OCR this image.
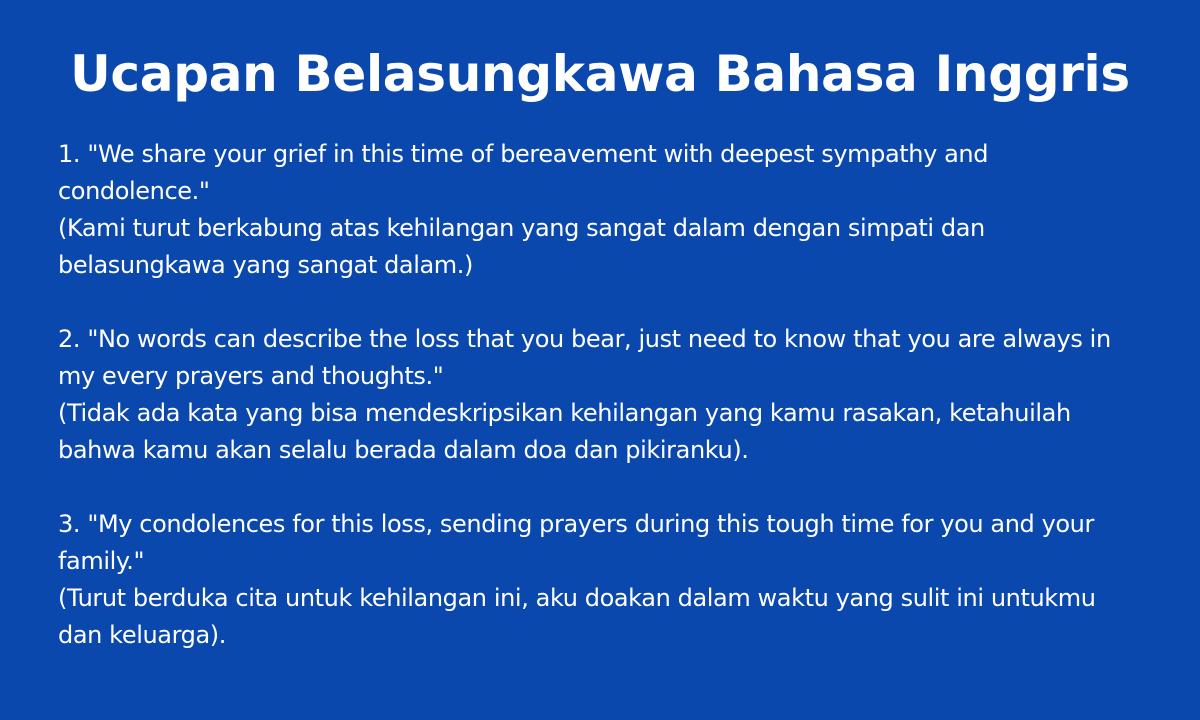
Ucapan Belasungkawa Bahasa Inggris

1. "We share your grief in this time of bereavement with deepest sympathy and condolence."

(Kami turut berkabung atas kehilangan yang sangat dalam dengan simpati dan belasungkawa yang sangat dalam.)

2. "No words can describe the loss that you bear, just need to know that you are always in my every prayers and thoughts."

(Tidak ada kata yang bisa mendeskripsikan kehilangan yang kamu rasakan, ketahuilah bahwa kamu akan selalu berada dalam doa dan pikiranku).

3. "My condolences for this loss, sending prayers during this tough time for you and your family."

(Turut berduka cita untuk kehilangan ini, aku doakan dalam waktu yang sulit ini untukmu dan keluarga).
